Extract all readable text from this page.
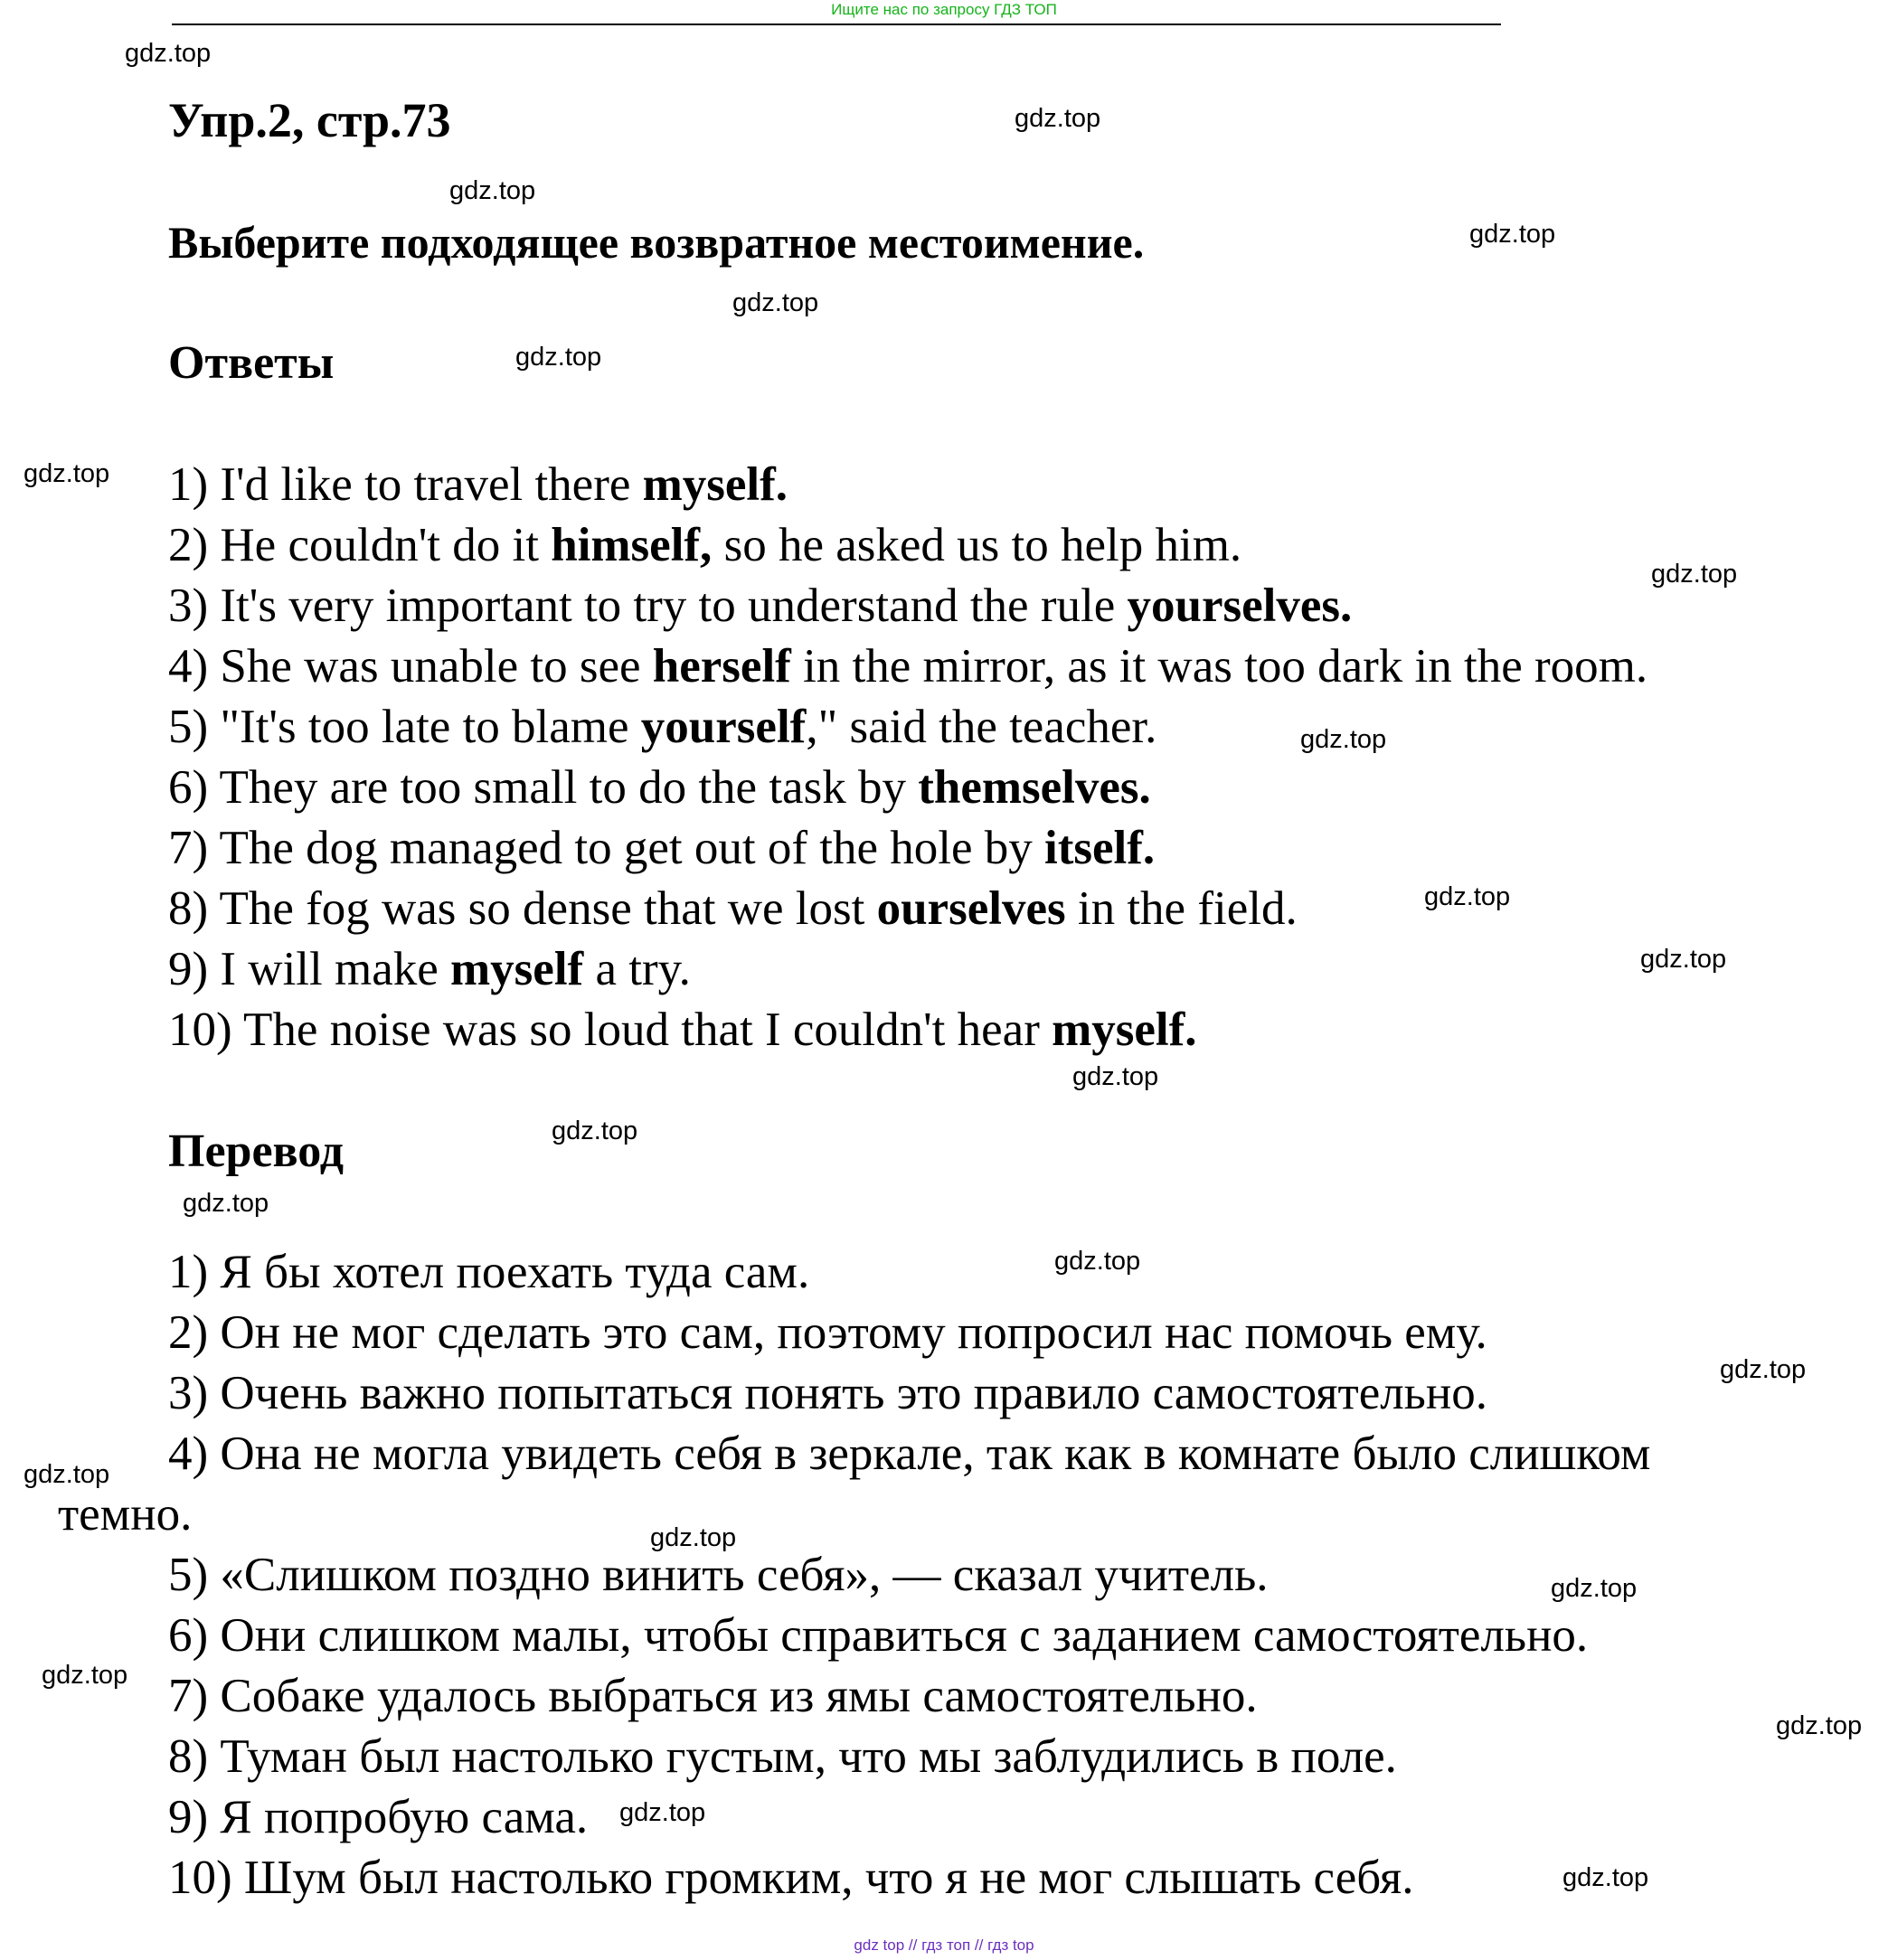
Ищите нас по запросу ГДЗ ТОП
Упр.2, стр.73
Выберите подходящее возвратное местоимение.
Ответы
1) I'd like to travel there myself.
2) He couldn't do it himself, so he asked us to help him.
3) It's very important to try to understand the rule yourselves.
4) She was unable to see herself in the mirror, as it was too dark in the room.
5) "It's too late to blame yourself," said the teacher.
6) They are too small to do the task by themselves.
7) The dog managed to get out of the hole by itself.
8) The fog was so dense that we lost ourselves in the field.
9) I will make myself a try.
10) The noise was so loud that I couldn't hear myself.
Перевод
1) Я бы хотел поехать туда сам.
2) Он не мог сделать это сам, поэтому попросил нас помочь ему.
3) Очень важно попытаться понять это правило самостоятельно.
4) Она не могла увидеть себя в зеркале, так как в комнате было слишком
темно.
5) «Слишком поздно винить себя», — сказал учитель.
6) Они слишком малы, чтобы справиться с заданием самостоятельно.
7) Собаке удалось выбраться из ямы самостоятельно.
8) Туман был настолько густым, что мы заблудились в поле.
9) Я попробую сама.
10) Шум был настолько громким, что я не мог слышать себя.
gdz.top
gdz.top
gdz.top
gdz.top
gdz.top
gdz.top
gdz.top
gdz.top
gdz.top
gdz.top
gdz.top
gdz.top
gdz.top
gdz.top
gdz.top
gdz.top
gdz.top
gdz.top
gdz.top
gdz.top
gdz.top
gdz.top
gdz.top
gdz top // гдз топ // гдз top
